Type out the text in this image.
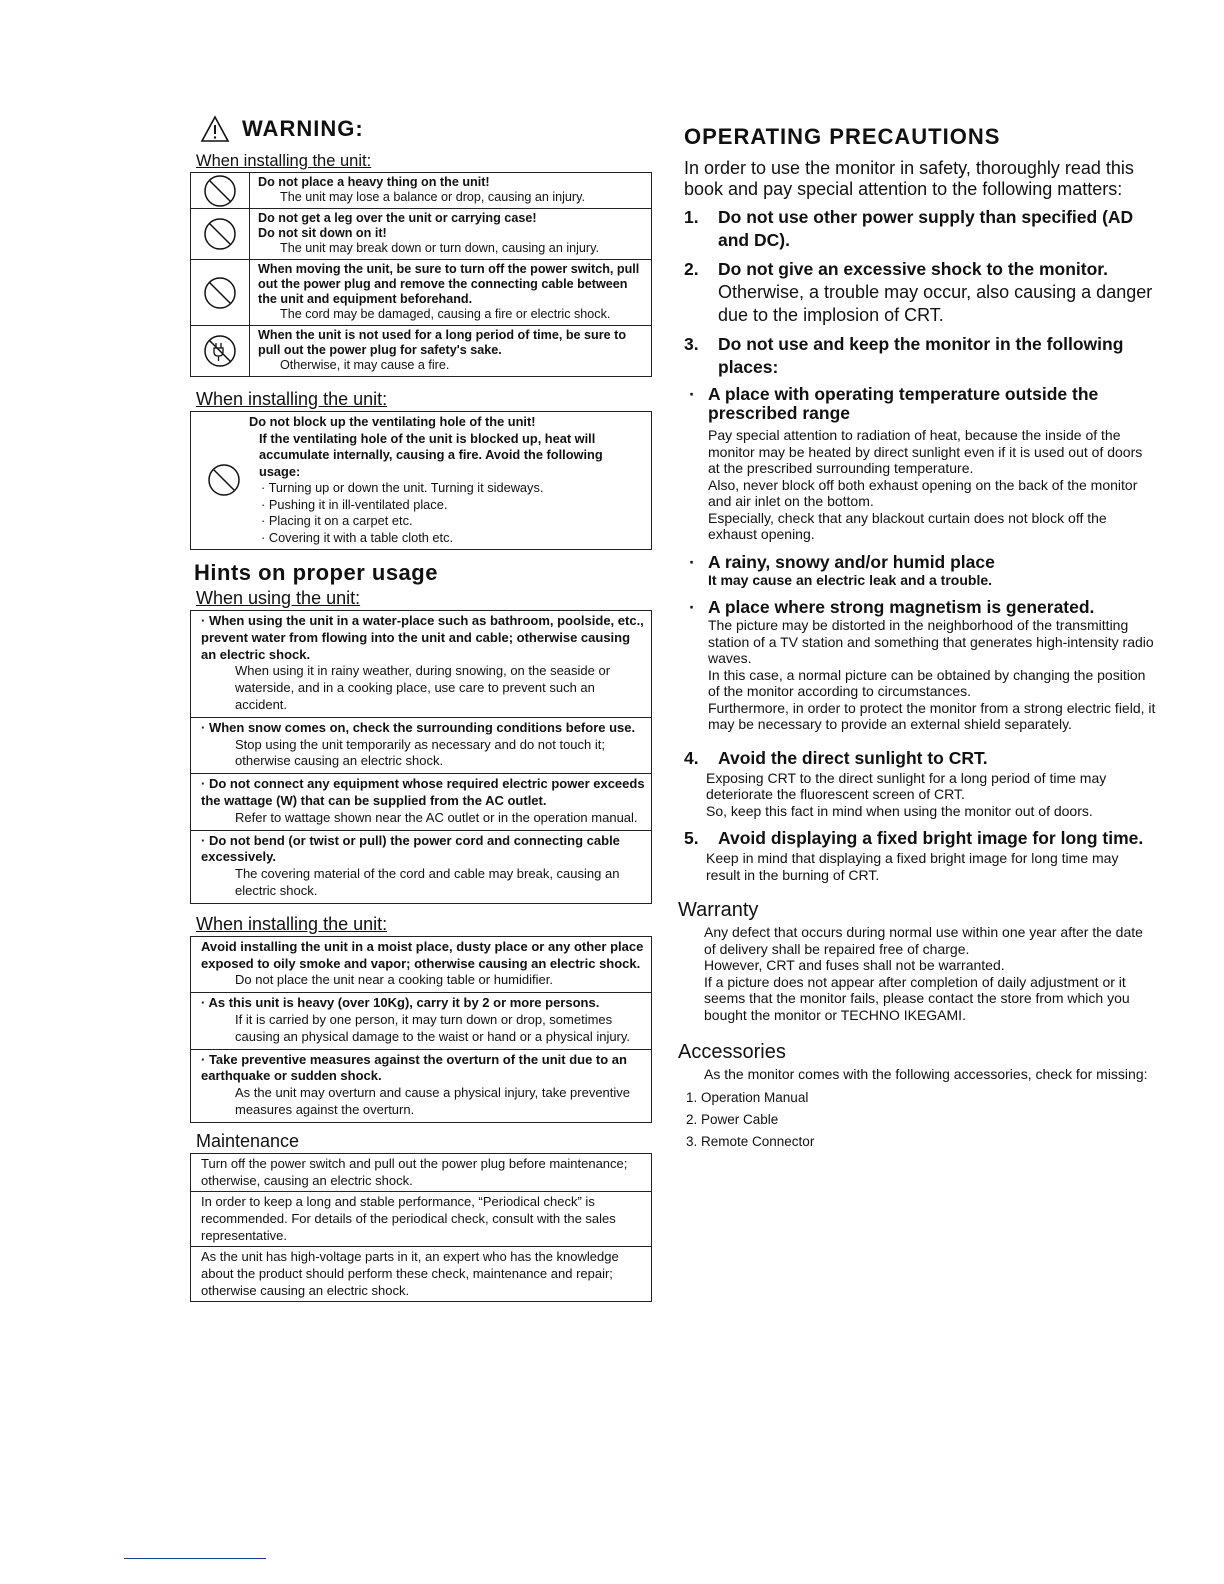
WARNING:
When installing the unit:
Do not place a heavy thing on the unit!
The unit may lose a balance or drop, causing an injury.
Do not get a leg over the unit or carrying case!
Do not sit down on it!
The unit may break down or turn down, causing an injury.
When moving the unit, be sure to turn off the power switch, pull out the power plug and remove the connecting cable between the unit and equipment beforehand.
The cord may be damaged, causing a fire or electric shock.
When the unit is not used for a long period of time, be sure to pull out the power plug for safety's sake.
Otherwise, it may cause a fire.
When installing the unit:
Do not block up the ventilating hole of the unit!
If the ventilating hole of the unit is blocked up, heat will accumulate internally, causing a fire. Avoid the following usage:
· Turning up or down the unit. Turning it sideways.
· Pushing it in ill-ventilated place.
· Placing it on a carpet etc.
· Covering it with a table cloth etc.
Hints on proper usage
When using the unit:
· When using the unit in a water-place such as bathroom, poolside, etc., prevent water from flowing into the unit and cable; otherwise causing an electric shock.
When using it in rainy weather, during snowing, on the seaside or waterside, and in a cooking place, use care to prevent such an accident.
· When snow comes on, check the surrounding conditions before use.
Stop using the unit temporarily as necessary and do not touch it; otherwise causing an electric shock.
· Do not connect any equipment whose required electric power exceeds the wattage (W) that can be supplied from the AC outlet.
Refer to wattage shown near the AC outlet or in the operation manual.
· Do not bend (or twist or pull) the power cord and connecting cable excessively.
The covering material of the cord and cable may break, causing an electric shock.
When installing the unit:
Avoid installing the unit in a moist place, dusty place or any other place exposed to oily smoke and vapor; otherwise causing an electric shock.
Do not place the unit near a cooking table or humidifier.
· As this unit is heavy (over 10Kg), carry it by 2 or more persons.
If it is carried by one person, it may turn down or drop, sometimes causing an physical damage to the waist or hand or a physical injury.
· Take preventive measures against the overturn of the unit due to an earthquake or sudden shock.
As the unit may overturn and cause a physical injury, take preventive measures against the overturn.
Maintenance
Turn off the power switch and pull out the power plug before maintenance; otherwise, causing an electric shock.
In order to keep a long and stable performance, “Periodical check” is recommended. For details of the periodical check, consult with the sales representative.
As the unit has high-voltage parts in it, an expert who has the knowledge about the product should perform these check, maintenance and repair; otherwise causing an electric shock.
OPERATING PRECAUTIONS
In order to use the monitor in safety, thoroughly read this book and pay special attention to the following matters:
1.	Do not use other power supply than specified (AD and DC).
2.	Do not give an excessive shock to the monitor.
Otherwise, a trouble may occur, also causing a danger due to the implosion of CRT.
3.	Do not use and keep the monitor in the following places:
· A place with operating temperature outside the prescribed range
Pay special attention to radiation of heat, because the inside of the monitor may be heated by direct sunlight even if it is used out of doors at the prescribed surrounding temperature.
Also, never block off both exhaust opening on the back of the monitor and air inlet on the bottom.
Especially, check that any blackout curtain does not block off the exhaust opening.
· A rainy, snowy and/or humid place
It may cause an electric leak and a trouble.
· A place where strong magnetism is generated.
The picture may be distorted in the neighborhood of the transmitting station of a TV station and something that generates high-intensity radio waves.
In this case, a normal picture can be obtained by changing the position of the monitor according to circumstances.
Furthermore, in order to protect the monitor from a strong electric field, it may be necessary to provide an external shield separately.
4.	Avoid the direct sunlight to CRT.
Exposing CRT to the direct sunlight for a long period of time may deteriorate the fluorescent screen of CRT.
So, keep this fact in mind when using the monitor out of doors.
5.	Avoid displaying a fixed bright image for long time.
Keep in mind that displaying a fixed bright image for long time may result in the burning of CRT.
Warranty
Any defect that occurs during normal use within one year after the date of delivery shall be repaired free of charge.
However, CRT and fuses shall not be warranted.
If a picture does not appear after completion of daily adjustment or it seems that the monitor fails, please contact the store from which you bought the monitor or TECHNO IKEGAMI.
Accessories
As the monitor comes with the following accessories, check for missing:
1. Operation Manual
2. Power Cable
3. Remote Connector
